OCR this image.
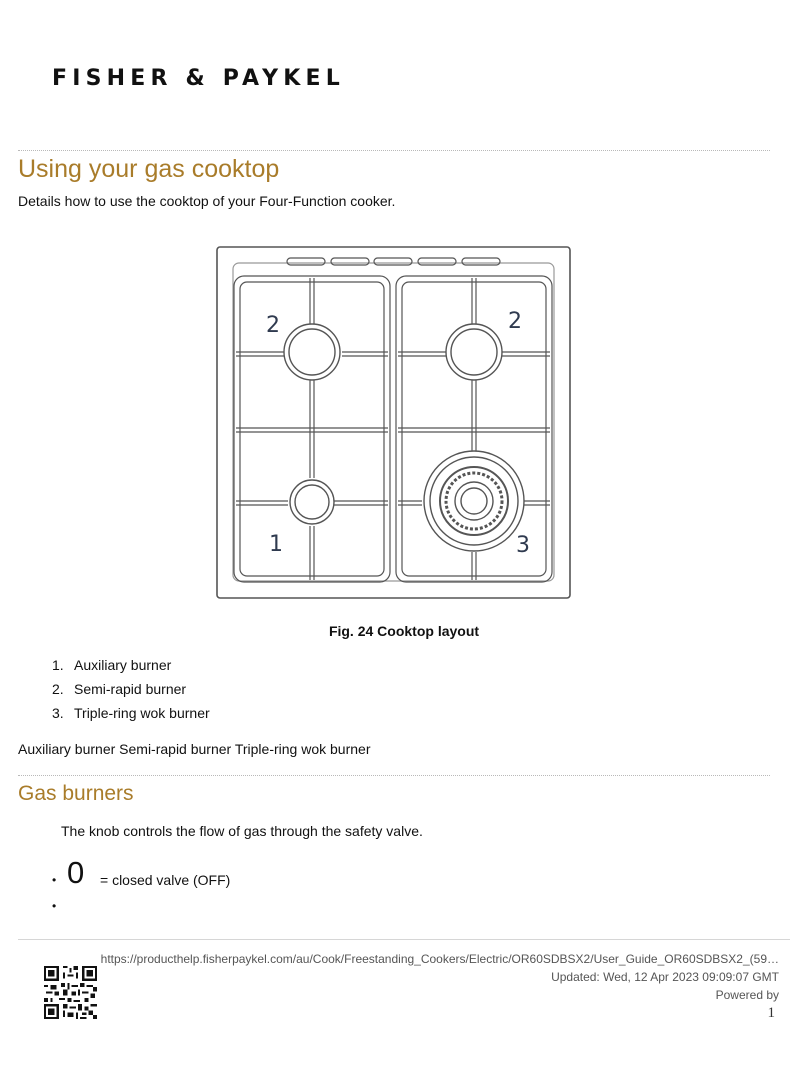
FISHER & PAYKEL
Using your gas cooktop
Details how to use the cooktop of your Four-Function cooker.
2	2
1	3
Fig. 24 Cooktop layout
1. Auxiliary burner
2. Semi-rapid burner
3. Triple-ring wok burner
Auxiliary burner Semi-rapid burner Triple-ring wok burner
Gas burners
The knob controls the flow of gas through the safety valve.
• 0 = closed valve (OFF)
•
https://producthelp.fisherpaykel.com/au/Cook/Freestanding_Cookers/Electric/OR60SDBSX2/User_Guide_OR60SDBSX2_(59…
Updated: Wed, 12 Apr 2023 09:09:07 GMT
Powered by
1
